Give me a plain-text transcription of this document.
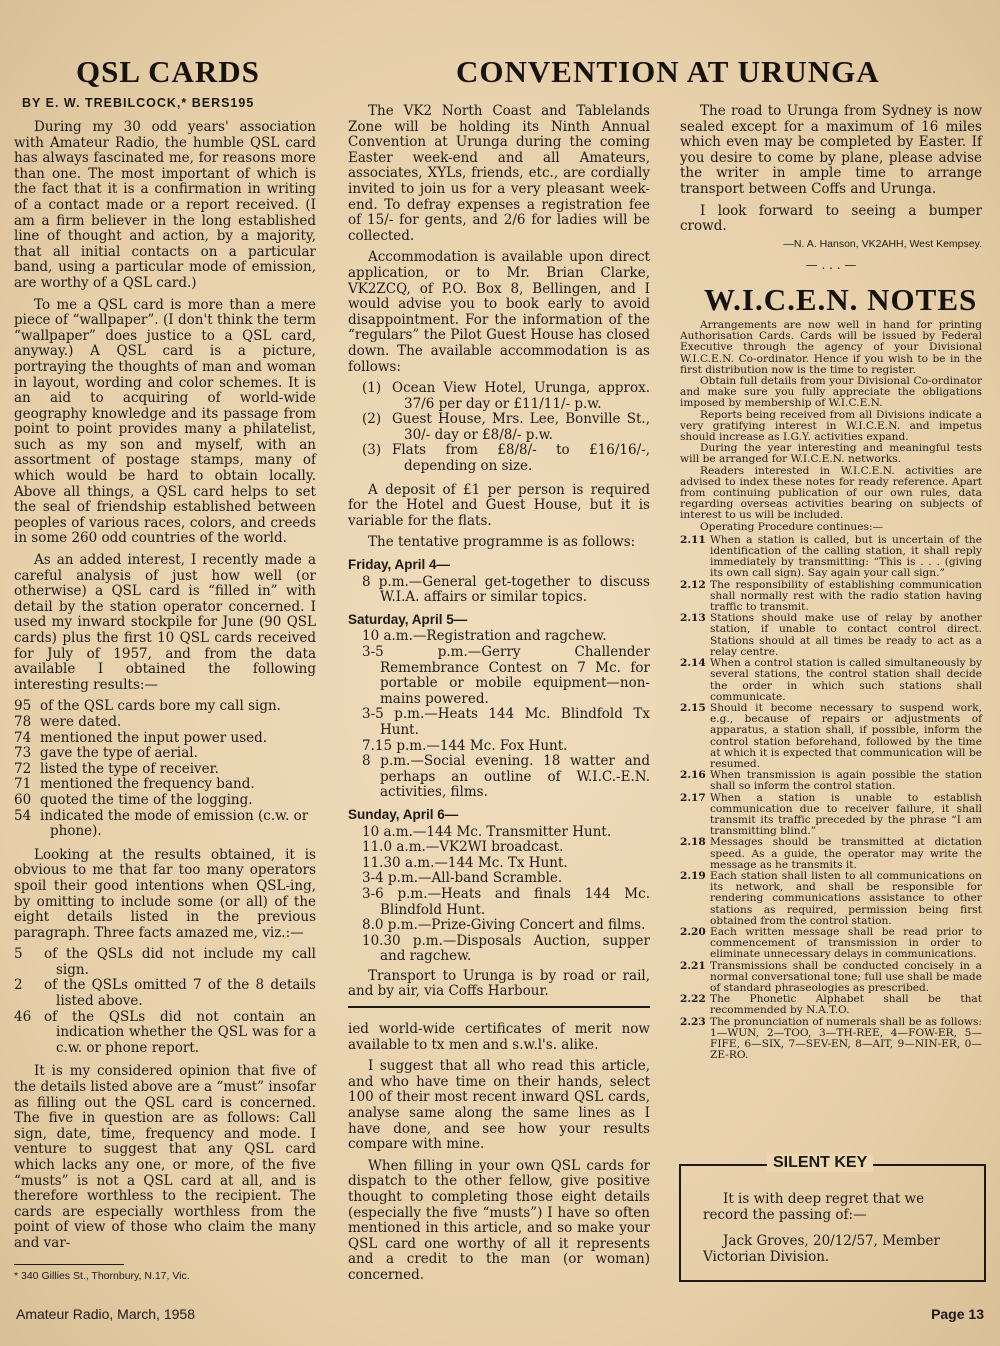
QSL CARDS
BY E. W. TREBILCOCK,* BERS195

During my 30 odd years' association with Amateur Radio, the humble QSL card has always fascinated me, for reasons more than one. The most important of which is the fact that it is a confirmation in writing of a contact made or a report received. (I am a firm believer in the long established line of thought and action, by a majority, that all initial contacts on a particular band, using a particular mode of emission, are worthy of a QSL card.)

To me a QSL card is more than a mere piece of “wallpaper”. (I don't think the term “wallpaper” does justice to a QSL card, anyway.) A QSL card is a picture, portraying the thoughts of man and woman in layout, wording and color schemes. It is an aid to acquiring of world-wide geography knowledge and its passage from point to point provides many a philatelist, such as my son and myself, with an assortment of postage stamps, many of which would be hard to obtain locally. Above all things, a QSL card helps to set the seal of friendship established between peoples of various races, colors, and creeds in some 260 odd countries of the world.

As an added interest, I recently made a careful analysis of just how well (or otherwise) a QSL card is “filled in” with detail by the station operator concerned. I used my inward stockpile for June (90 QSL cards) plus the first 10 QSL cards received for July of 1957, and from the data available I obtained the following interesting results:—

95 of the QSL cards bore my call sign.
78 were dated.
74 mentioned the input power used.
73 gave the type of aerial.
72 listed the type of receiver.
71 mentioned the frequency band.
60 quoted the time of the logging.
54 indicated the mode of emission (c.w. or phone).

Looking at the results obtained, it is obvious to me that far too many operators spoil their good intentions when QSL-ing, by omitting to include some (or all) of the eight details listed in the previous paragraph. Three facts amazed me, viz.:—

5	of the QSLs did not include my call sign.
2	of the QSLs omitted 7 of the 8 details listed above.
46 of the QSLs did not contain an indication whether the QSL was for a c.w. or phone report.

It is my considered opinion that five of the details listed above are a “must” insofar as filling out the QSL card is concerned. The five in question are as follows: Call sign, date, time, frequency and mode. I venture to suggest that any QSL card which lacks any one, or more, of the five “musts” is not a QSL card at all, and is therefore worthless to the recipient. The cards are especially worthless from the point of view of those who claim the many and var-

* 340 Gillies St., Thornbury, N.17, Vic.
CONVENTION AT URUNGA

The VK2 North Coast and Tablelands Zone will be holding its Ninth Annual Convention at Urunga during the coming Easter week-end and all Amateurs, associates, XYLs, friends, etc., are cordially invited to join us for a very pleasant week-end. To defray expenses a registration fee of 15/- for gents, and 2/6 for ladies will be collected.

Accommodation is available upon direct application, or to Mr. Brian Clarke, VK2ZCQ, of P.O. Box 8, Bellingen, and I would advise you to book early to avoid disappointment. For the information of the “regulars” the Pilot Guest House has closed down. The available accommodation is as follows:

(1) Ocean View Hotel, Urunga, approx. 37/6 per day or £11/11/- p.w.
(2) Guest House, Mrs. Lee, Bonville St., 30/- day or £8/8/- p.w.
(3) Flats from £8/8/- to £16/16/-, depending on size.

A deposit of £1 per person is required for the Hotel and Guest House, but it is variable for the flats.

The tentative programme is as follows:

Friday, April 4—
8 p.m.—General get-together to discuss W.I.A. affairs or similar topics.
Saturday, April 5—
10 a.m.—Registration and ragchew.
3-5 p.m.—Gerry Challender Remembrance Contest on 7 Mc. for portable or mobile equipment—non-mains powered.
3-5 p.m.—Heats 144 Mc. Blindfold Tx Hunt.
7.15 p.m.—144 Mc. Fox Hunt.
8 p.m.—Social evening. 18 watter and perhaps an outline of W.I.C.-E.N. activities, films.
Sunday, April 6—
10 a.m.—144 Mc. Transmitter Hunt.
11.0 a.m.—VK2WI broadcast.
11.30 a.m.—144 Mc. Tx Hunt.
3-4 p.m.—All-band Scramble.
3-6 p.m.—Heats and finals 144 Mc. Blindfold Hunt.
8.0 p.m.—Prize-Giving Concert and films.
10.30 p.m.—Disposals Auction, supper and ragchew.

Transport to Urunga is by road or rail, and by air, via Coffs Harbour.

ied world-wide certificates of merit now available to tx men and s.w.l's. alike.

I suggest that all who read this article, and who have time on their hands, select 100 of their most recent inward QSL cards, analyse same along the same lines as I have done, and see how your results compare with mine.

When filling in your own QSL cards for dispatch to the other fellow, give positive thought to completing those eight details (especially the five “musts”) I have so often mentioned in this article, and so make your QSL card one worthy of all it represents and a credit to the man (or woman) concerned.

The road to Urunga from Sydney is now sealed except for a maximum of 16 miles which even may be completed by Easter. If you desire to come by plane, please advise the writer in ample time to arrange transport between Coffs and Urunga.

I look forward to seeing a bumper crowd.

—N. A. Hanson, VK2AHH, West Kempsey.
— . . . —
W.I.C.E.N. NOTES

Arrangements are now well in hand for printing Authorisation Cards. Cards will be issued by Federal Executive through the agency of your Divisional W.I.C.E.N. Co-ordinator. Hence if you wish to be in the first distribution now is the time to register.

Obtain full details from your Divisional Co-ordinator and make sure you fully appreciate the obligations imposed by membership of W.I.C.E.N.

Reports being received from all Divisions indicate a very gratifying interest in W.I.C.E.N. and impetus should increase as I.G.Y. activities expand.

During the year interesting and meaningful tests will be arranged for W.I.C.E.N. networks.

Readers interested in W.I.C.E.N. activities are advised to index these notes for ready reference. Apart from continuing publication of our own rules, data regarding overseas activities bearing on subjects of interest to us will be included.

Operating Procedure continues:—

2.11 When a station is called, but is uncertain of the identification of the calling station, it shall reply immediately by transmitting: “This is . . . (giving its own call sign). Say again your call sign.”
2.12 The responsibility of establishing communication shall normally rest with the radio station having traffic to transmit.
2.13 Stations should make use of relay by another station, if unable to contact control direct. Stations should at all times be ready to act as a relay centre.
2.14 When a control station is called simultaneously by several stations, the control station shall decide the order in which such stations shall communicate.
2.15 Should it become necessary to suspend work, e.g., because of repairs or adjustments of apparatus, a station shall, if possible, inform the control station beforehand, followed by the time at which it is expected that communication will be resumed.
2.16 When transmission is again possible the station shall so inform the control station.
2.17 When a station is unable to establish communication due to receiver failure, it shall transmit its traffic preceded by the phrase “I am transmitting blind.”
2.18 Messages should be transmitted at dictation speed. As a guide, the operator may write the message as he transmits it.
2.19 Each station shall listen to all communications on its network, and shall be responsible for rendering communications assistance to other stations as required, permission being first obtained from the control station.
2.20 Each written message shall be read prior to commencement of transmission in order to eliminate unnecessary delays in communications.
2.21 Transmissions shall be conducted concisely in a normal conversational tone; full use shall be made of standard phraseologies as prescribed.
2.22 The Phonetic Alphabet shall be that recommended by N.A.T.O.
2.23 The pronunciation of numerals shall be as follows: 1—WUN, 2—TOO, 3—TH-REE, 4—FOW-ER, 5—FIFE, 6—SIX, 7—SEV-EN, 8—AIT, 9—NIN-ER, 0—ZE-RO.
SILENT KEY
It is with deep regret that we record the passing of:—
Jack Groves, 20/12/57, Member Victorian Division.
Amateur Radio, March, 1958	Page 13
